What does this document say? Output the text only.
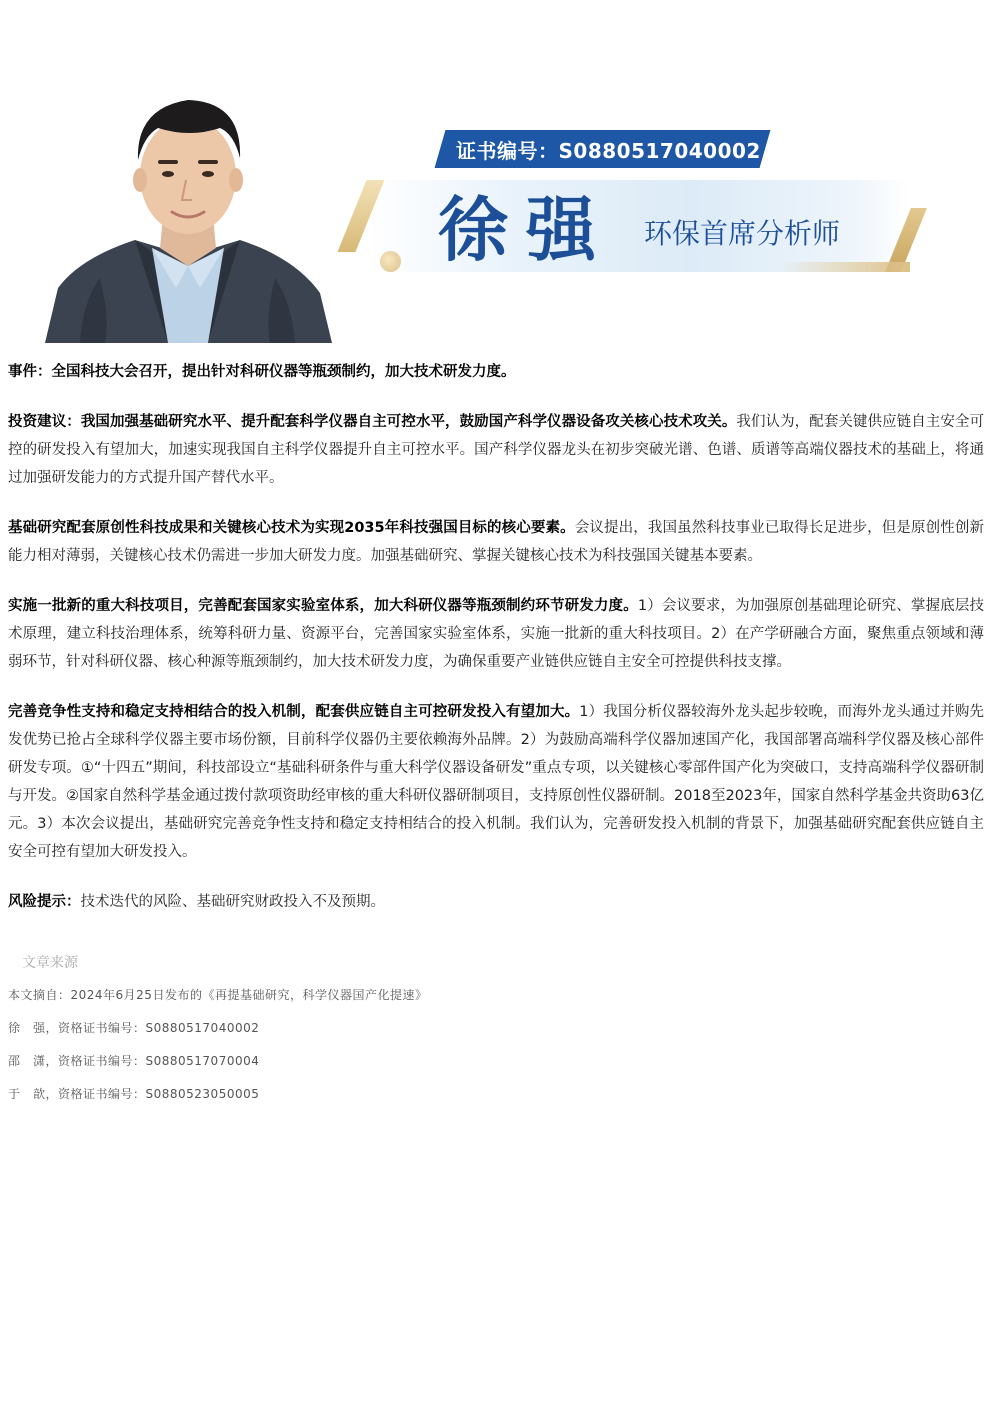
证书编号：S0880517040002
徐强 环保首席分析师

事件：全国科技大会召开，提出针对科研仪器等瓶颈制约，加大技术研发力度。

投资建议：我国加强基础研究水平、提升配套科学仪器自主可控水平，鼓励国产科学仪器设备攻关核心技术攻关。我们认为，配套关键供应链自主安全可控的研发投入有望加大，加速实现我国自主科学仪器提升自主可控水平。国产科学仪器龙头在初步突破光谱、色谱、质谱等高端仪器技术的基础上，将通过加强研发能力的方式提升国产替代水平。

基础研究配套原创性科技成果和关键核心技术为实现2035年科技强国目标的核心要素。会议提出，我国虽然科技事业已取得长足进步，但是原创性创新能力相对薄弱，关键核心技术仍需进一步加大研发力度。加强基础研究、掌握关键核心技术为科技强国关键基本要素。

实施一批新的重大科技项目，完善配套国家实验室体系，加大科研仪器等瓶颈制约环节研发力度。1）会议要求，为加强原创基础理论研究、掌握底层技术原理，建立科技治理体系，统筹科研力量、资源平台，完善国家实验室体系，实施一批新的重大科技项目。2）在产学研融合方面，聚焦重点领域和薄弱环节，针对科研仪器、核心种源等瓶颈制约，加大技术研发力度，为确保重要产业链供应链自主安全可控提供科技支撑。

完善竞争性支持和稳定支持相结合的投入机制，配套供应链自主可控研发投入有望加大。1）我国分析仪器较海外龙头起步较晚，而海外龙头通过并购先发优势已抢占全球科学仪器主要市场份额，目前科学仪器仍主要依赖海外品牌。2）为鼓励高端科学仪器加速国产化，我国部署高端科学仪器及核心部件研发专项。①“十四五”期间，科技部设立“基础科研条件与重大科学仪器设备研发”重点专项，以关键核心零部件国产化为突破口，支持高端科学仪器研制与开发。②国家自然科学基金通过拨付款项资助经审核的重大科研仪器研制项目，支持原创性仪器研制。2018至2023年，国家自然科学基金共资助63亿元。3）本次会议提出，基础研究完善竞争性支持和稳定支持相结合的投入机制。我们认为，完善研发投入机制的背景下，加强基础研究配套供应链自主安全可控有望加大研发投入。

风险提示：技术迭代的风险、基础研究财政投入不及预期。

文章来源
本文摘自：2024年6月25日发布的《再提基础研究，科学仪器国产化提速》
徐　强，资格证书编号：S0880517040002
邵　潇，资格证书编号：S0880517070004
于　歆，资格证书编号：S0880523050005
